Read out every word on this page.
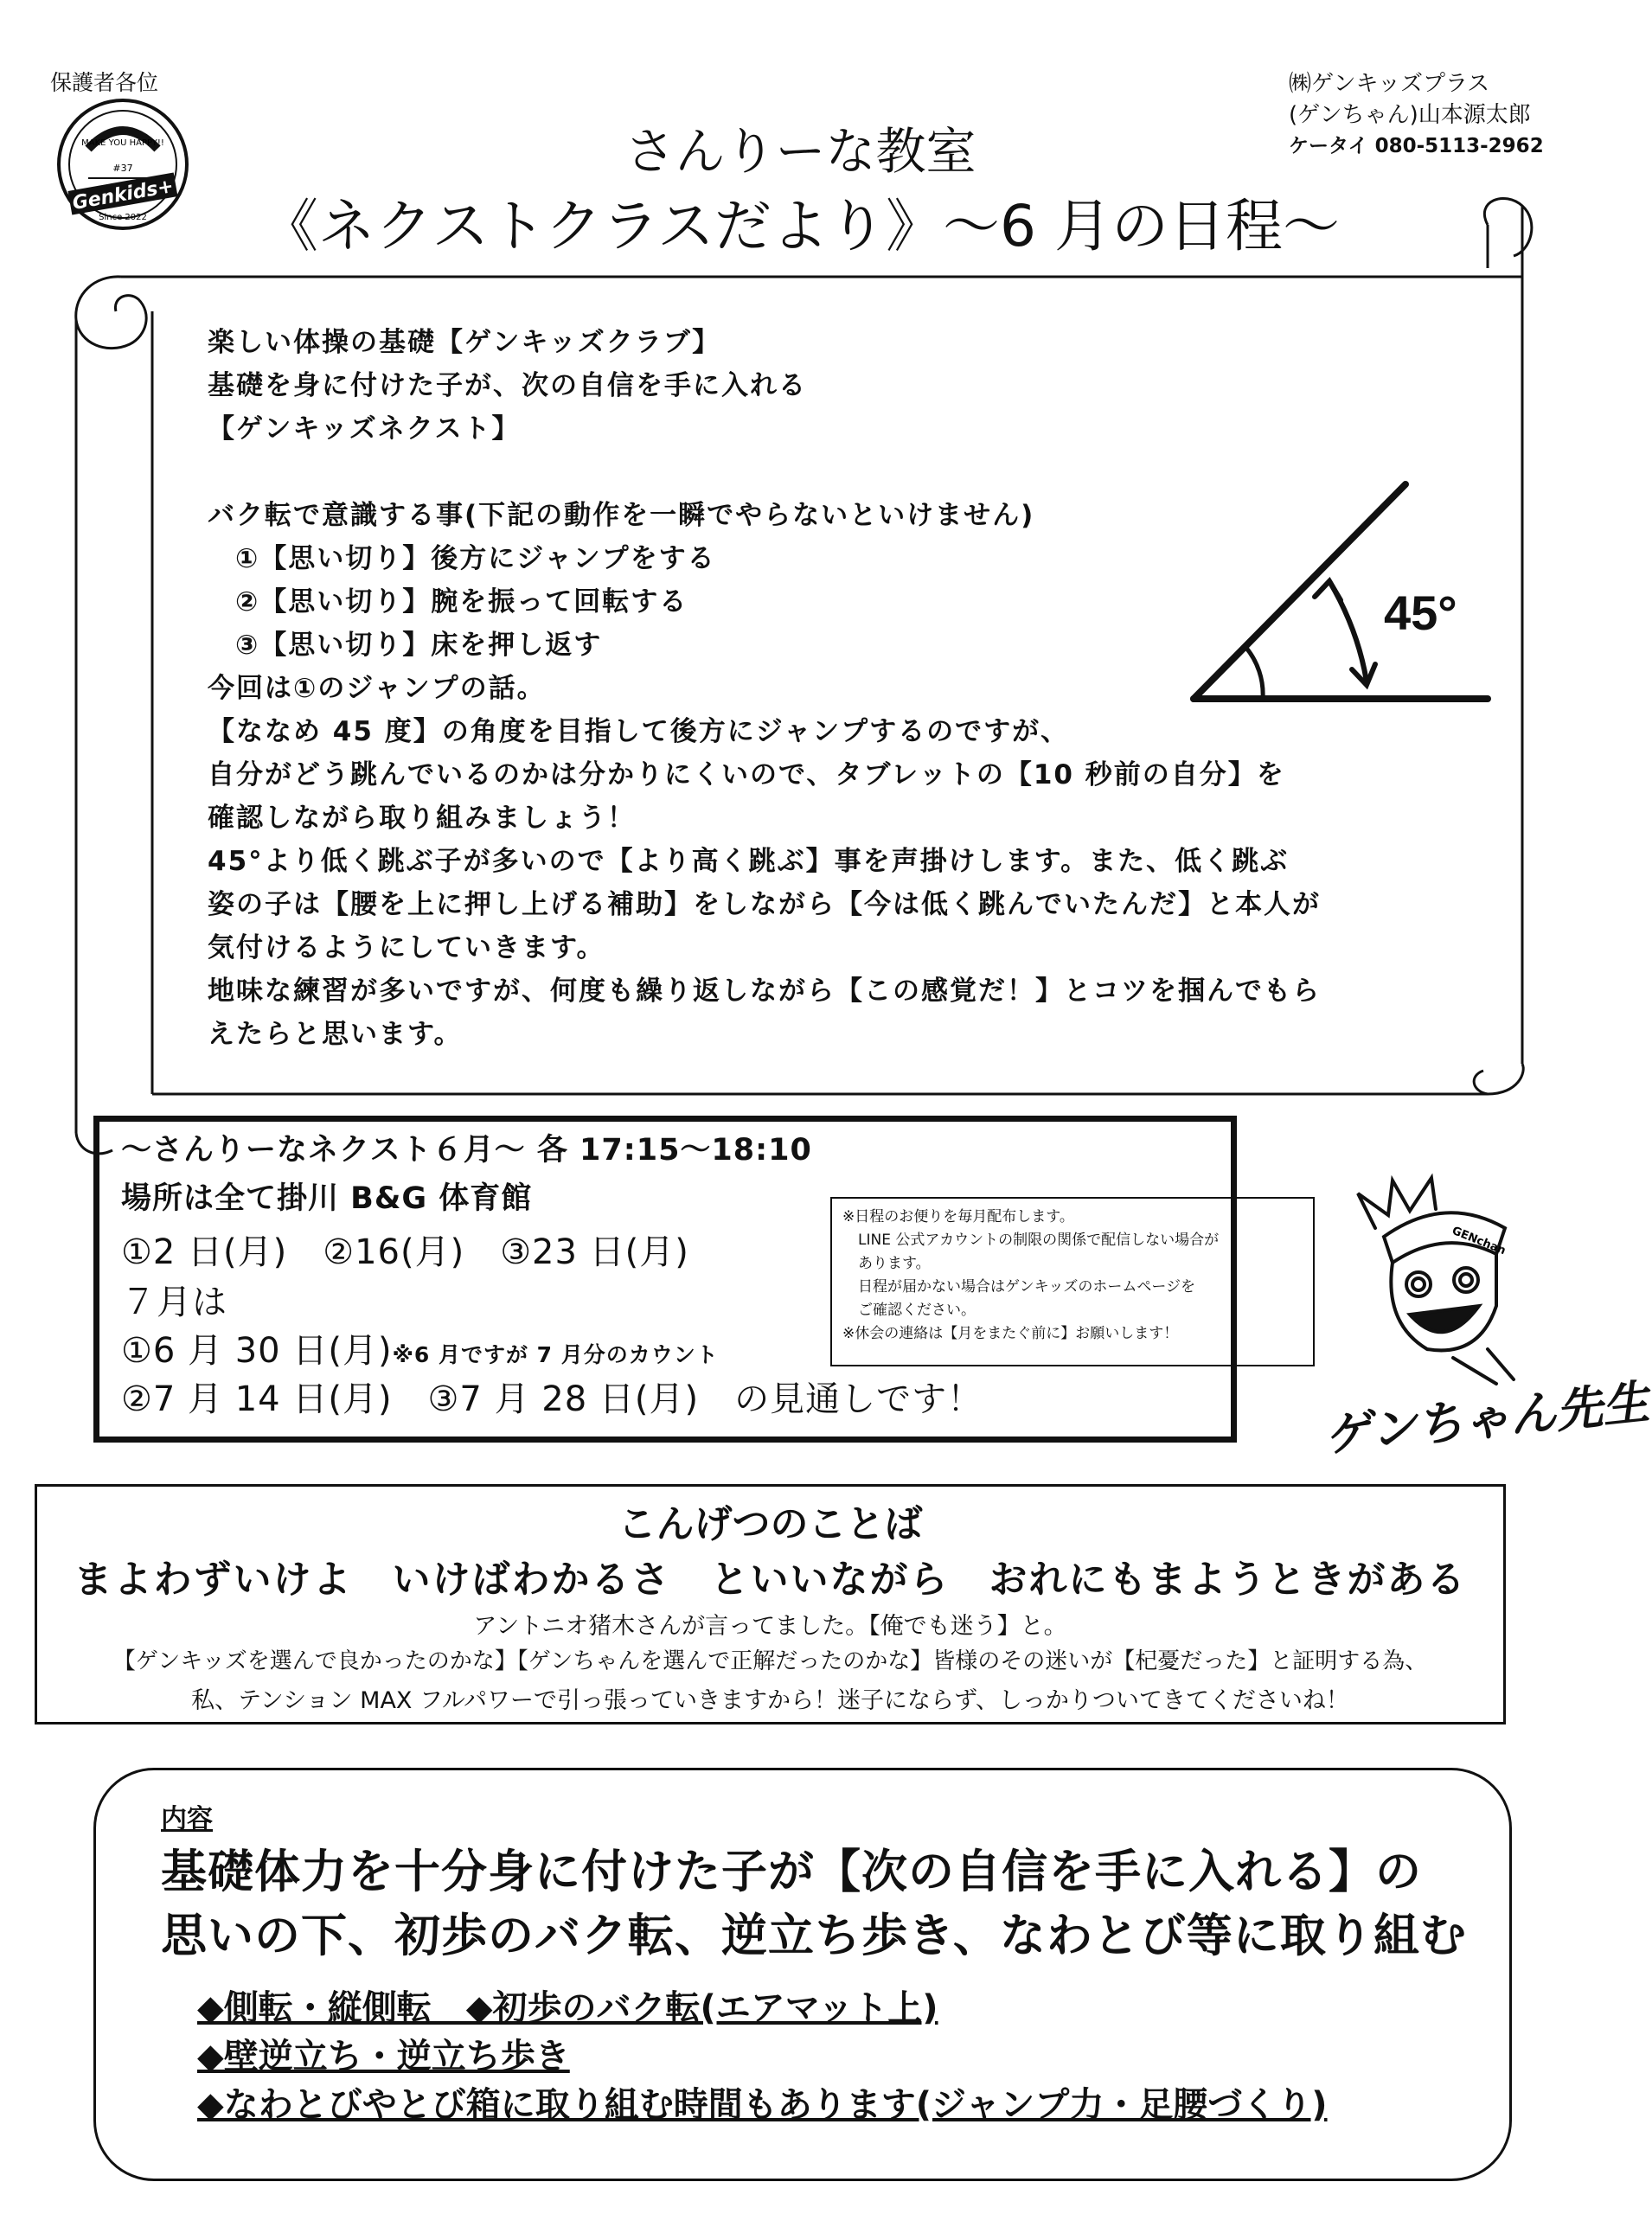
保護者各位
MAKE YOU HAPPY!!
#37
Genkids+
Since 2022
㈱ゲンキッズプラス
(ゲンちゃん)山本源太郎
ケータイ 080-5113-2962
さんりーな教室
《ネクストクラスだより》～6 月の日程～
楽しい体操の基礎【ゲンキッズクラブ】
基礎を身に付けた子が、次の自信を手に入れる
【ゲンキッズネクスト】
バク転で意識する事(下記の動作を一瞬でやらないといけません)
①【思い切り】後方にジャンプをする
②【思い切り】腕を振って回転する
③【思い切り】床を押し返す
今回は①のジャンプの話。
【ななめ 45 度】の角度を目指して後方にジャンプするのですが、
自分がどう跳んでいるのかは分かりにくいので、タブレットの【10 秒前の自分】を
確認しながら取り組みましょう！
45°より低く跳ぶ子が多いので【より高く跳ぶ】事を声掛けします。また、低く跳ぶ
姿の子は【腰を上に押し上げる補助】をしながら【今は低く跳んでいたんだ】と本人が
気付けるようにしていきます。
地味な練習が多いですが、何度も繰り返しながら【この感覚だ！】とコツを掴んでもら
えたらと思います。
45°
～さんりーなネクスト６月～ 各 17:15～18:10
場所は全て掛川 B&G 体育館
①2 日(月)　②16(月)　③23 日(月)
７月は
①6 月 30 日(月)※6 月ですが 7 月分のカウント
②7 月 14 日(月)　③7 月 28 日(月)　の見通しです！
※日程のお便りを毎月配布します。
LINE 公式アカウントの制限の関係で配信しない場合が
あります。
日程が届かない場合はゲンキッズのホームページを
ご確認ください。
※休会の連絡は【月をまたぐ前に】お願いします！
GENchan
ゲンちゃん先生
こんげつのことば
まよわずいけよ　いけばわかるさ　といいながら　おれにもまようときがある
アントニオ猪木さんが言ってました。【俺でも迷う】と。
【ゲンキッズを選んで良かったのかな】【ゲンちゃんを選んで正解だったのかな】皆様のその迷いが【杞憂だった】と証明する為、
私、テンション MAX フルパワーで引っ張っていきますから！迷子にならず、しっかりついてきてくださいね！
内容
基礎体力を十分身に付けた子が【次の自信を手に入れる】の
思いの下、初歩のバク転、逆立ち歩き、なわとび等に取り組む
◆側転・縦側転　◆初歩のバク転(エアマット上)
◆壁逆立ち・逆立ち歩き
◆なわとびやとび箱に取り組む時間もあります(ジャンプ力・足腰づくり)
